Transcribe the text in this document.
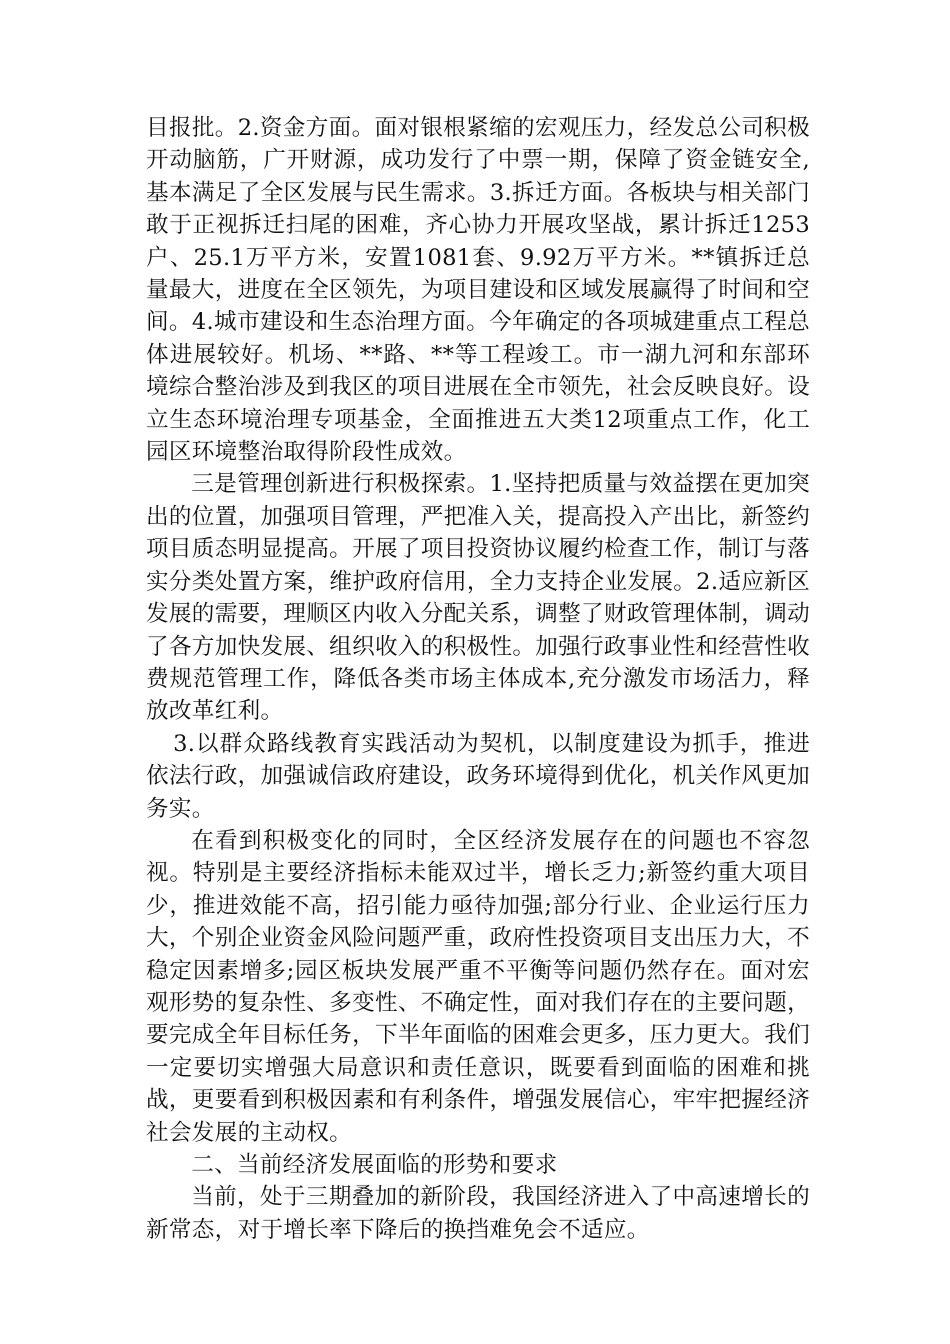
目报批。2.资金方面。面对银根紧缩的宏观压力，经发总公司积极开动脑筋，广开财源，成功发行了中票一期，保障了资金链安全,基本满足了全区发展与民生需求。3.拆迁方面。各板块与相关部门敢于正视拆迁扫尾的困难，齐心协力开展攻坚战，累计拆迁1253户、25.1万平方米，安置1081套、9.92万平方米。**镇拆迁总量最大，进度在全区领先，为项目建设和区域发展赢得了时间和空间。4.城市建设和生态治理方面。今年确定的各项城建重点工程总体进展较好。机场、**路、**等工程竣工。市一湖九河和东部环境综合整治涉及到我区的项目进展在全市领先，社会反映良好。设立生态环境治理专项基金，全面推进五大类12项重点工作，化工园区环境整治取得阶段性成效。

三是管理创新进行积极探索。1.坚持把质量与效益摆在更加突出的位置，加强项目管理，严把准入关，提高投入产出比，新签约项目质态明显提高。开展了项目投资协议履约检查工作，制订与落实分类处置方案，维护政府信用，全力支持企业发展。2.适应新区发展的需要，理顺区内收入分配关系，调整了财政管理体制，调动了各方加快发展、组织收入的积极性。加强行政事业性和经营性收费规范管理工作，降低各类市场主体成本,充分激发市场活力，释放改革红利。

3.以群众路线教育实践活动为契机，以制度建设为抓手，推进依法行政，加强诚信政府建设，政务环境得到优化，机关作风更加务实。

在看到积极变化的同时，全区经济发展存在的问题也不容忽视。特别是主要经济指标未能双过半，增长乏力;新签约重大项目少，推进效能不高，招引能力亟待加强;部分行业、企业运行压力大，个别企业资金风险问题严重，政府性投资项目支出压力大，不稳定因素增多;园区板块发展严重不平衡等问题仍然存在。面对宏观形势的复杂性、多变性、不确定性，面对我们存在的主要问题，要完成全年目标任务，下半年面临的困难会更多，压力更大。我们一定要切实增强大局意识和责任意识，既要看到面临的困难和挑战，更要看到积极因素和有利条件，增强发展信心，牢牢把握经济社会发展的主动权。

二、当前经济发展面临的形势和要求

当前，处于三期叠加的新阶段，我国经济进入了中高速增长的新常态，对于增长率下降后的换挡难免会不适应。
